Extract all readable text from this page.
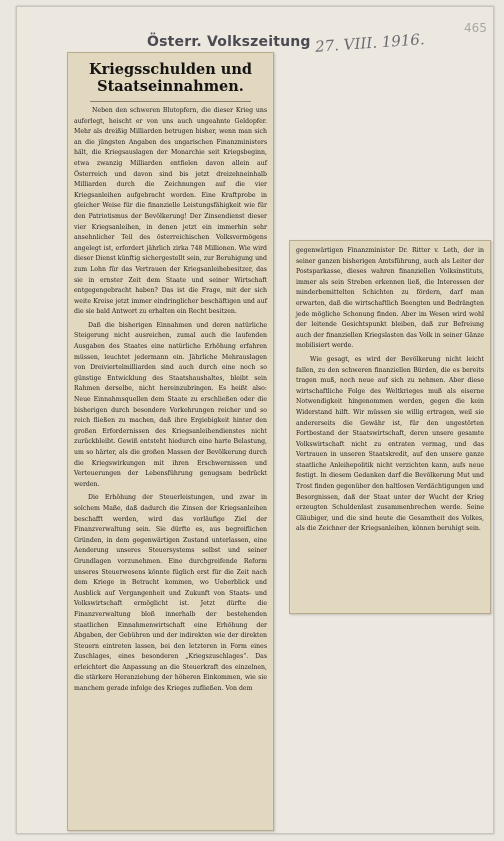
465
Österr. Volkszeitung 27. VIII. 1916.
Kriegsschulden und
Staatseinnahmen.

Neben den schweren Blutopfern, die dieser Krieg uns auferlegt, heischt er von uns auch ungeahnte Geldopfer. Mehr als dreißig Milliarden betrugen bisher, wenn man sich an die jüngsten Angaben des ungarischen Finanzministers hält, die Kriegsauslagen der Monarchie seit Kriegsbeginn, etwa zwanzig Milliarden entfielen davon allein auf Österreich und davon sind bis jetzt dreizehneinhalb Milliarden durch die Zeichnungen auf die vier Kriegsanleihen aufgebracht worden. Eine Kraftprobe in gleicher Weise für die finanzielle Leistungsfähigkeit wie für den Patriotismus der Bevölkerung! Der Zinsendienst dieser vier Kriegsanleihen, in denen jetzt ein immerhin sehr ansehnlicher Teil des österreichischen Volksvermögens angelegt ist, erfordert jährlich zirka 748 Millionen. Wie wird dieser Dienst künftig sichergestellt sein, zur Beruhigung und zum Lohn für das Vertrauen der Kriegsanleihebesitzer, das sie in ernster Zeit dem Staate und seiner Wirtschaft entgegengebracht haben? Das ist die Frage, mit der sich weite Kreise jetzt immer eindringlicher beschäftigen und auf die sie bald Antwort zu erhalten ein Recht besitzen.

Daß die bisherigen Einnahmen und deren natürliche Steigerung nicht ausreichen, zumal auch die laufenden Ausgaben des Staates eine natürliche Erhöhung erfahren müssen, leuchtet jedermann ein. Jährliche Mehrauslagen von Dreiviertelmilliarden sind auch durch eine noch so günstige Entwicklung des Staatshaushaltes, bleibt sein Rahmen derselbe, nicht hereinzubringen. Es heißt also: Neue Einnahmsquellen dem Staate zu erschließen oder die bisherigen durch besondere Vorkehrungen reicher und so reich fließen zu machen, daß ihre Ergiebigkeit hinter den großen Erfordernissen des Kriegsanleihendienstes nicht zurückbleibt. Gewiß entsteht hiedurch eine harte Belastung, um so härter, als die großen Massen der Bevölkerung durch die Kriegswirkungen mit ihren Erschwernissen und Verteuerungen der Lebensführung genugsam bedrückt werden.

Die Erhöhung der Steuerleistungen, und zwar in solchem Maße, daß dadurch die Zinsen der Kriegsanleihen beschafft werden, wird das vorläufige Ziel der Finanzverwaltung sein. Sie dürfte es, aus begreiflichen Gründen, in dem gegenwärtigen Zustand unterlassen, eine Aenderung unseres Steuersystems selbst und seiner Grundlagen vorzunehmen. Eine durchgreifende Reform unseres Steuerwesens könnte füglich erst für die Zeit nach dem Kriege in Betracht kommen, wo Ueberblick und Ausblick auf Vergangenheit und Zukunft von Staats- und Volkswirtschaft ermöglicht ist. Jetzt dürfte die Finanzverwaltung bloß innerhalb der bestehenden staatlichen Einnahmenwirtschaft eine Erhöhung der Abgaben, der Gebühren und der indirekten wie der direkten Steuern eintreten lassen, bei den letzteren in Form eines Zuschlages, eines besonderen „Kriegszuschlages“. Das erleichtert die Anpassung an die Steuerkraft des einzelnen, die stärkere Heranziehung der höheren Einkommen, wie sie manchem gerade infolge des Krieges zufließen. Von dem

gegenwärtigen Finanzminister Dr. Ritter v. Leth, der in seiner ganzen bisherigen Amtsführung, auch als Leiter der Postsparkasse, dieses wahren finanziellen Volksinstituts, immer als sein Streben erkennen ließ, die Interessen der minderbemittelten Schichten zu fördern, darf man erwarten, daß die wirtschaftlich Beengten und Bedrängten jede mögliche Schonung finden. Aber im Wesen wird wohl der leitende Gesichtspunkt bleiben, daß zur Befreiung auch der finanziellen Kriegslasten das Volk in seiner Gänze mobilisiert werde.

Wie gesagt, es wird der Bevölkerung nicht leicht fallen, zu den schweren finanziellen Bürden, die es bereits tragen muß, noch neue auf sich zu nehmen. Aber diese wirtschaftliche Folge des Weltkrieges muß als eiserne Notwendigkeit hingenommen werden, gegen die kein Widerstand hilft. Wir müssen sie willig ertragen, weil sie andererseits die Gewähr ist, für den ungestörten Fortbestand der Staatswirtschaft, deren unsere gesamte Volkswirtschaft nicht zu entraten vermag, und das Vertrauen in unseren Staatskredit, auf den unsere ganze staatliche Anleihepolitik nicht verzichten kann, aufs neue festigt. In diesem Gedanken darf die Bevölkerung Mut und Trost finden gegenüber den haltlosen Verdächtigungen und Besorgnissen, daß der Staat unter der Wucht der Krieg erzeugten Schuldenlast zusammenbrechen werde. Seine Gläubiger, und die sind heute die Gesamtheit des Volkes, als die Zeichner der Kriegsanleihen, können beruhigt sein.
